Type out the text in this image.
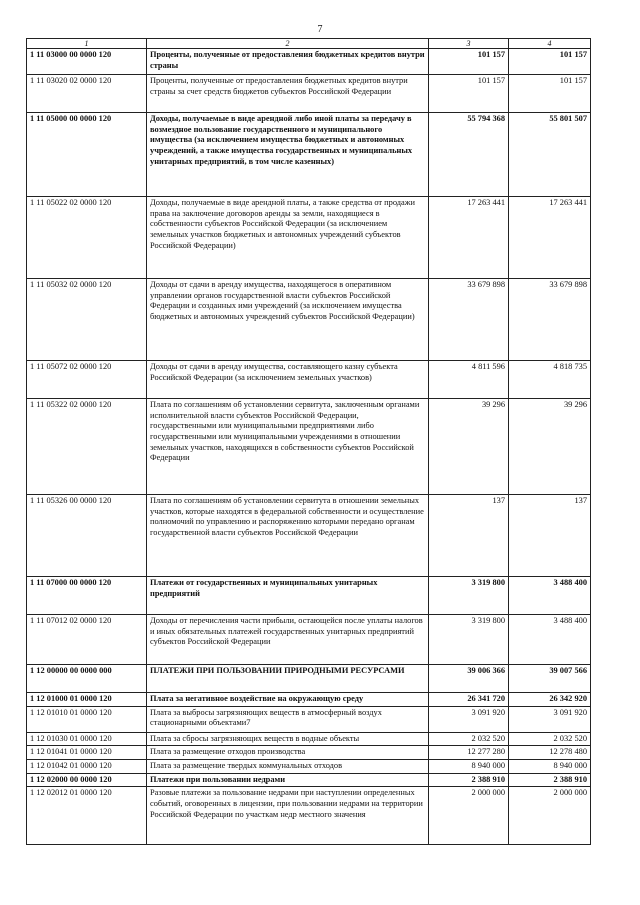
7
1	2	3	4
1 11 03000 00 0000 120	Проценты, полученные от предоставления бюджетных кредитов внутри страны	101 157	101 157
1 11 03020 02 0000 120	Проценты, полученные от предоставления бюджетных кредитов внутри страны за счет средств бюджетов субъектов Российской Федерации	101 157	101 157
1 11 05000 00 0000 120	Доходы, получаемые в виде арендной либо иной платы за передачу в возмездное пользование государственного и муниципального имущества (за исключением имущества бюджетных и автономных учреждений, а также имущества государственных и муниципальных унитарных предприятий, в том числе казенных)	55 794 368	55 801 507
1 11 05022 02 0000 120	Доходы, получаемые в виде арендной платы, а также средства от продажи права на заключение договоров аренды за земли, находящиеся в собственности субъектов Российской Федерации (за исключением земельных участков бюджетных и автономных учреждений субъектов Российской Федерации)	17 263 441	17 263 441
1 11 05032 02 0000 120	Доходы от сдачи в аренду имущества, находящегося в оперативном управлении органов государственной власти субъектов Российской Федерации и созданных ими учреждений (за исключением имущества бюджетных и автономных учреждений субъектов Российской Федерации)	33 679 898	33 679 898
1 11 05072 02 0000 120	Доходы от сдачи в аренду имущества, составляющего казну субъекта Российской Федерации (за исключением земельных участков)	4 811 596	4 818 735
1 11 05322 02 0000 120	Плата по соглашениям об установлении сервитута, заключенным органами исполнительной власти субъектов Российской Федерации, государственными или муниципальными предприятиями либо государственными или муниципальными учреждениями в отношении земельных участков, находящихся в собственности субъектов Российской Федерации	39 296	39 296
1 11 05326 00 0000 120	Плата по соглашениям об установлении сервитута в отношении земельных участков, которые находятся в федеральной собственности и осуществление полномочий по управлению и распоряжению которыми передано органам государственной власти субъектов Российской Федерации	137	137
1 11 07000 00 0000 120	Платежи от государственных и муниципальных унитарных предприятий	3 319 800	3 488 400
1 11 07012 02 0000 120	Доходы от перечисления части прибыли, остающейся после уплаты налогов и иных обязательных платежей государственных унитарных предприятий субъектов Российской Федерации	3 319 800	3 488 400
1 12 00000 00 0000 000	ПЛАТЕЖИ ПРИ ПОЛЬЗОВАНИИ ПРИРОДНЫМИ РЕСУРСАМИ	39 006 366	39 007 566
1 12 01000 01 0000 120	Плата за негативное воздействие на окружающую среду	26 341 720	26 342 920
1 12 01010 01 0000 120	Плата за выбросы загрязняющих веществ в атмосферный воздух стационарными объектами7	3 091 920	3 091 920
1 12 01030 01 0000 120	Плата за сбросы загрязняющих веществ в водные объекты	2 032 520	2 032 520
1 12 01041 01 0000 120	Плата за размещение отходов производства	12 277 280	12 278 480
1 12 01042 01 0000 120	Плата за размещение твердых коммунальных отходов	8 940 000	8 940 000
1 12 02000 00 0000 120	Платежи при пользовании недрами	2 388 910	2 388 910
1 12 02012 01 0000 120	Разовые платежи за пользование недрами при наступлении определенных событий, оговоренных в лицензии, при пользовании недрами на территории Российской Федерации по участкам недр местного значения	2 000 000	2 000 000
